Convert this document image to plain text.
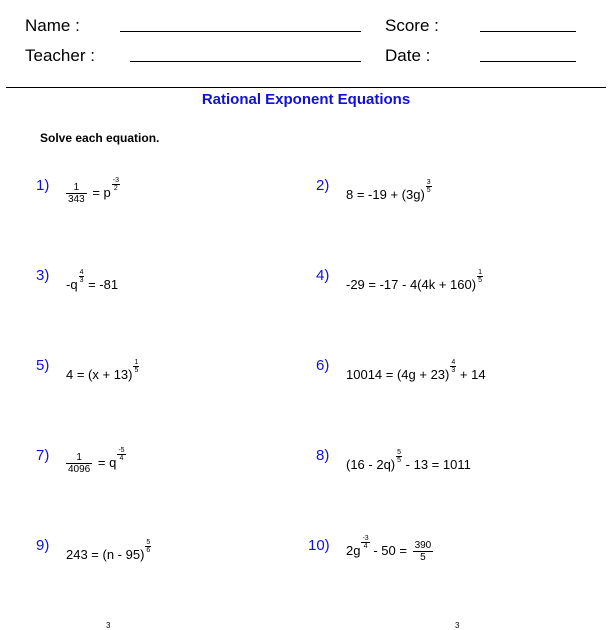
Name :	Score :
Teacher :	Date :
Rational Exponent Equations
Solve each equation.
$1) \frac{1}{343} = p$
$\frac{-3}{2}$	2)
8 = -19 + (3g)
$\frac{3}{5}$
3)
-q
$\frac{4}{3}$
= -81
4)
-29 = -17 - 4(4k + 160)
$\frac{1}{5}$
5)
4 = (x + 13)
$\frac{1}{5}$	6)
10014 = (4g + 23)
$\frac{4}{3}$
+ 14
$7) \frac{1}{4096} = q$
$\frac{-5}{4}$	8)
(16 - 2q)
$\frac{5}{5}$
- 13 = 1011
9)
243 = (n - 95)
$\frac{5}{6}$	10) 2g
$\frac{-3}{4}$
- $50 = \frac{390}{5}$
3	3
